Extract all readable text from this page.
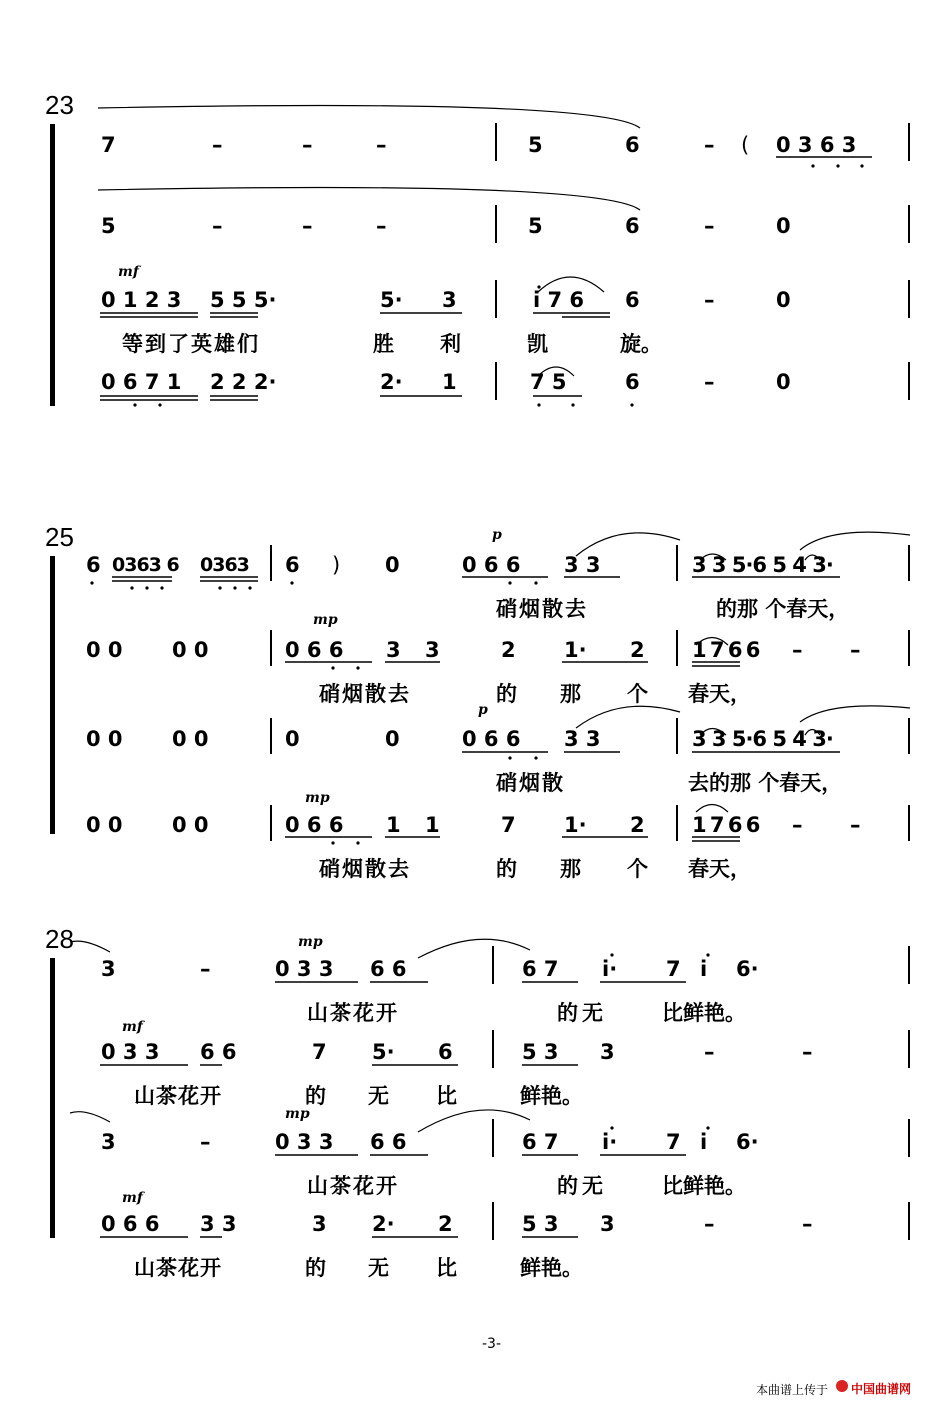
23
7	–	–	–	5	6	– ( 0 3 6 3
5	–	–	–	5	6	–	0
mf
0 1 2 3 5 5 5·	5· 3	i 7 6 6	–	0
等到了英雄们	胜 利	凯	旋。
0 6 7 1 2 2 2·	2· 1	7 5	6	–	0
25	p
6 0363 6 0363 6 ) 0	0 6 6 3 3	3 3 5·6 5 4 3·
硝烟散去	的那 个春天，
mp
0 0 0 0	0 6 6 3 3	2 1· 2 1 7 6 6 – –
硝烟散去	的 那 个 春天，
p
0 0 0 0	0	0	0 6 6 3 3	3 3 5·6 5 4 3·
硝烟散	去的那 个春天，
mp
0 0 0 0	0 6 6 1 1	7 1· 2 1 7 6 6 – –
硝烟散去	的 那 个 春天，
28	mp
3	–	0 3 3 6 6	6 7 i· 7 i 6·
山茶花开	的无	比鲜艳。
mf
0 3 3 6 6	7 5· 6	5 3 3	–	–
山茶花开	的 无 比	鲜艳。
mp
3	–	0 3 3 6 6	6 7 i· 7 i 6·
山茶花开	的无	比鲜艳。
mf
0 6 6 3 3	3 2· 2	5 3 3	–	–
山茶花开	的 无 比	鲜艳。
-3-
本曲谱上传于 中国曲谱网
